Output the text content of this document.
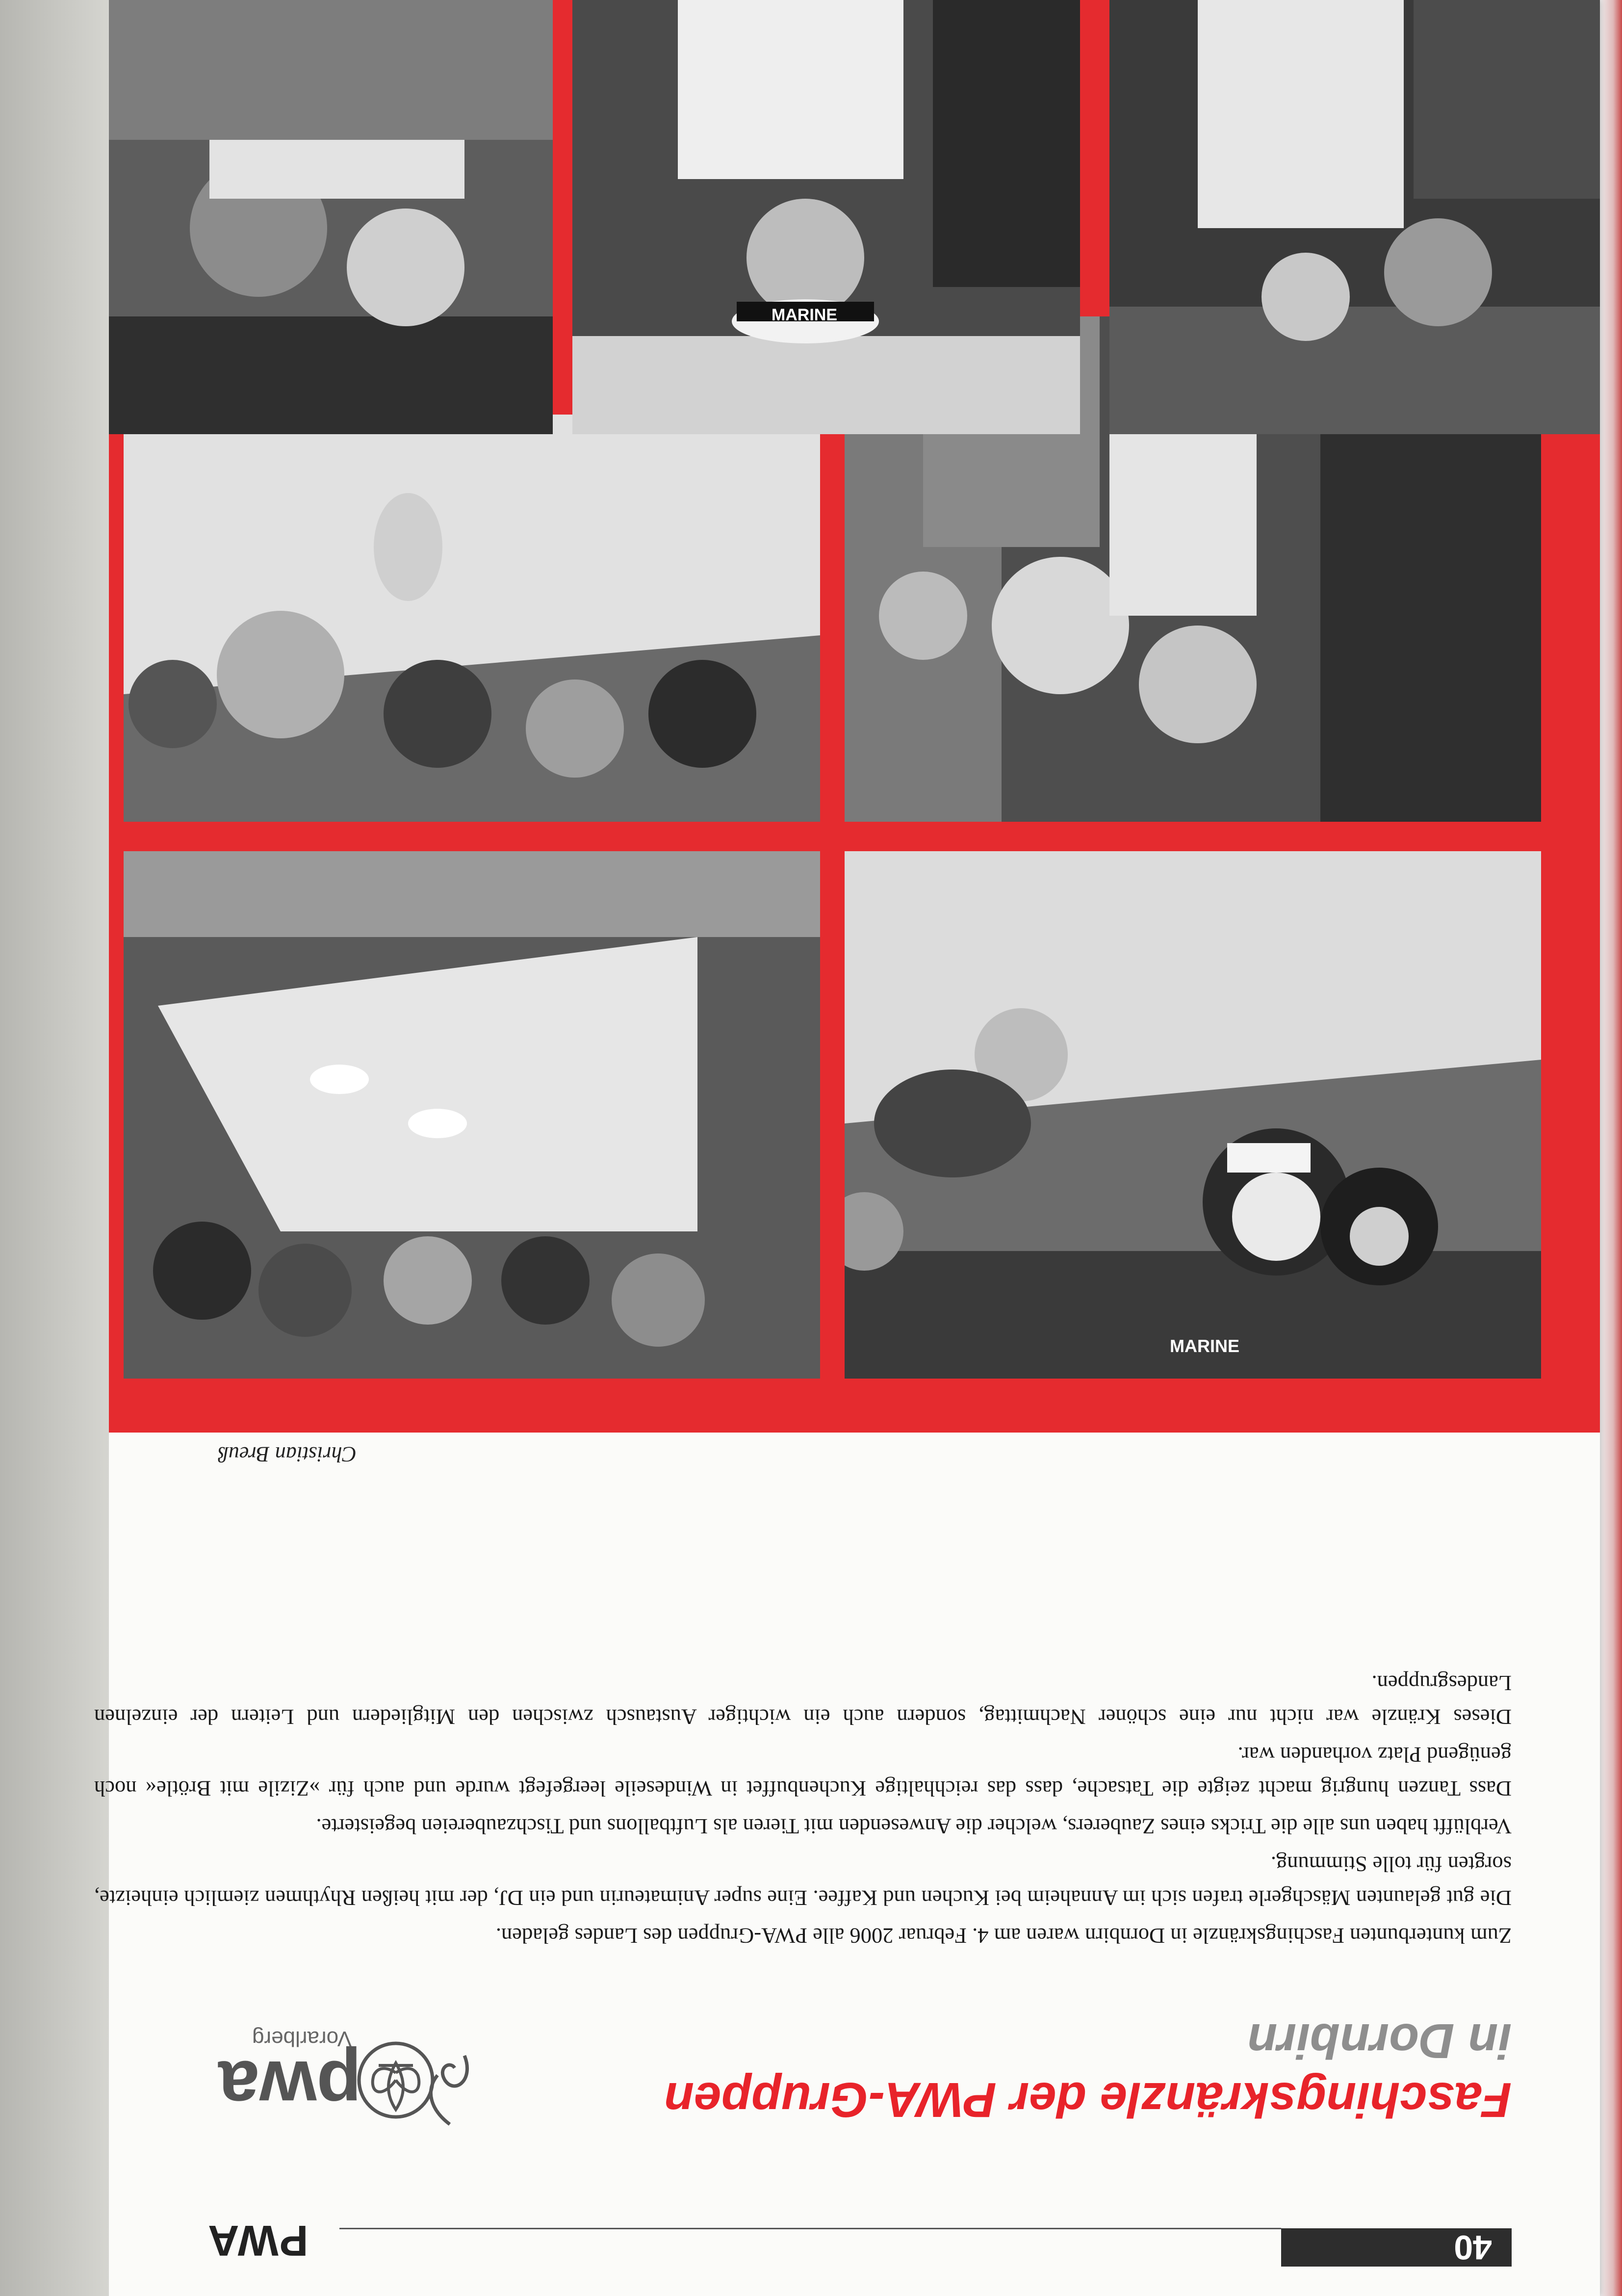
40
PWA
Faschingskränzle der PWA-Gruppen
in Dornbirn
pwa
Vorarlberg

Zum kunterbunten Faschingskränzle in Dornbirn waren am 4. Februar 2006 alle PWA-Gruppen des Landes geladen.

Die gut gelaunten Mäschgerle trafen sich im Annaheim bei Kuchen und Kaffee. Eine super Animateurin und ein DJ, der mit heißen Rhythmen ziemlich einheizte, sorgten für tolle Stimmung.

Verblüfft haben uns alle die Tricks eines Zauberers, welcher die Anwesenden mit Tieren als Luftballons und Tischzaubereien begeisterte.

Dass Tanzen hungrig macht zeigte die Tatsache, dass das reichhaltige Kuchenbuffet in Windeseile leergefegt wurde und auch für »Zizile mit Brötle« noch genügend Platz vorhanden war.

Dieses Kränzle war nicht nur eine schöner Nachmittag, sondern auch ein wichtiger Austausch zwischen den Mitgliedern und Leitern der einzelnen Landesgruppen.

Christian Breuß
MARINE
MARINE
